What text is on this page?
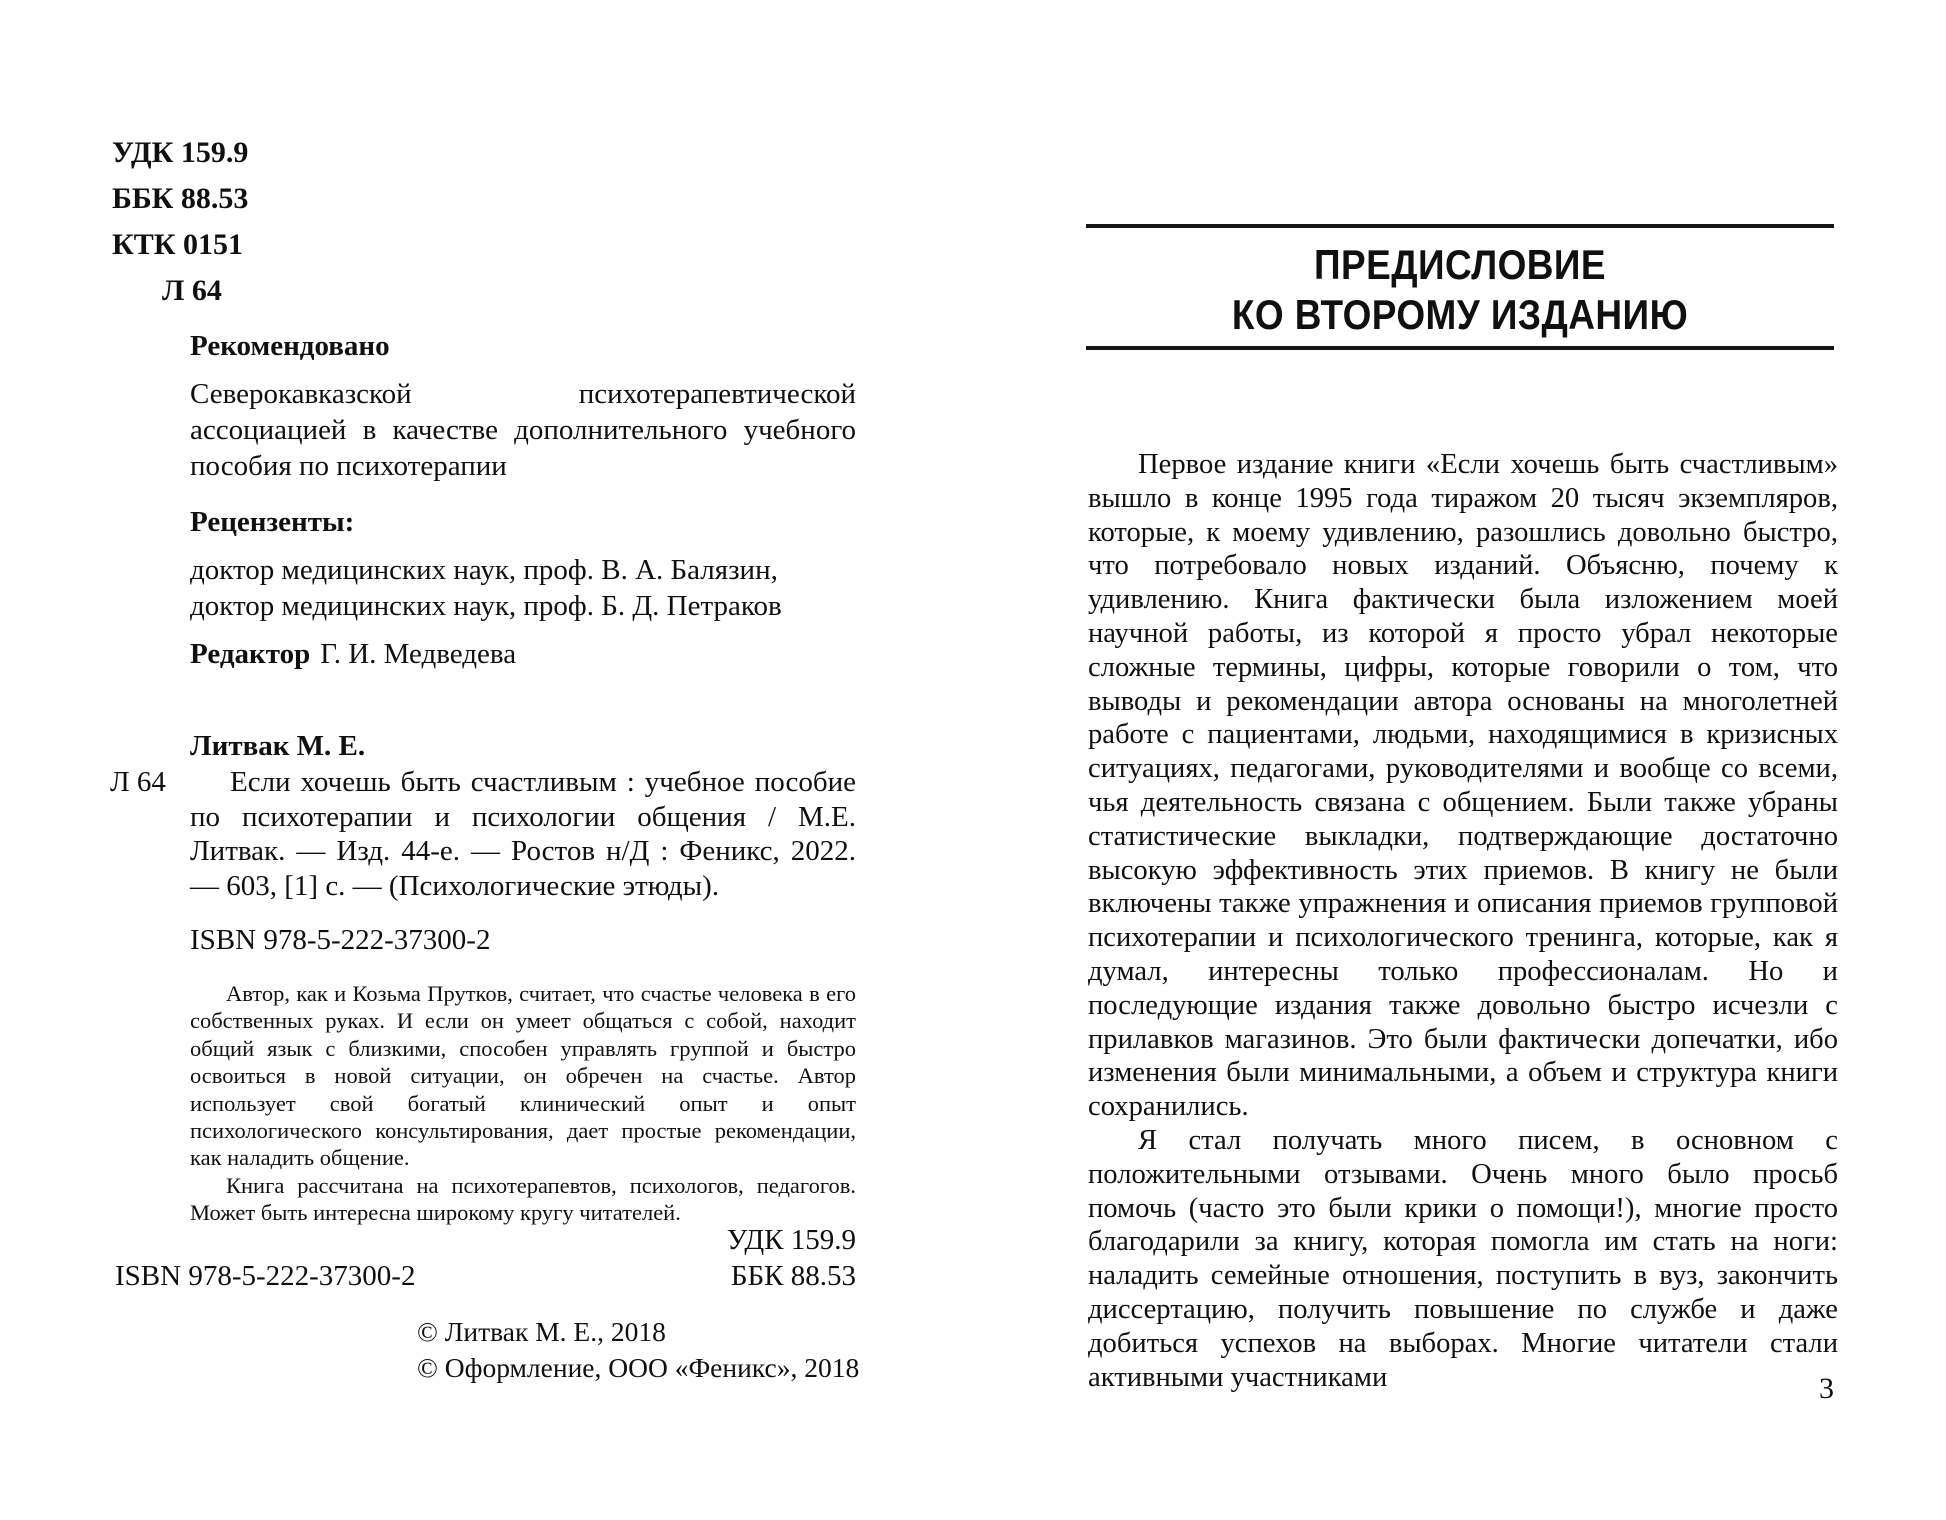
УДК 159.9
ББК 88.53
КТК 0151
Л 64
Рекомендовано
Северокавказской психотерапевтической ассоциацией в качестве дополнительного учебного пособия по психотерапии
Рецензенты:
доктор медицинских наук, проф. В. А. Балязин,
доктор медицинских наук, проф. Б. Д. Петраков
Редактор Г. И. Медведева
Литвак М. Е.
Л 64	Если хочешь быть счастливым : учебное пособие по психотерапии и психологии общения / М.Е. Литвак. — Изд. 44-е. — Ростов н/Д : Феникс, 2022. — 603, [1] с. — (Психологические этюды).
ISBN 978-5-222-37300-2

Автор, как и Козьма Прутков, считает, что счастье человека в его собственных руках. И если он умеет общаться с собой, находит общий язык с близкими, способен управлять группой и быстро освоиться в новой ситуации, он обречен на счастье. Автор использует свой богатый клинический опыт и опыт психологического консультирования, дает простые рекомендации, как наладить общение.

Книга рассчитана на психотерапевтов, психологов, педагогов. Может быть интересна широкому кругу читателей.

УДК 159.9
ISBN 978-5-222-37300-2	ББК 88.53
© Литвак М. Е., 2018
© Оформление, ООО «Феникс», 2018
ПРЕДИСЛОВИЕ
КО ВТОРОМУ ИЗДАНИЮ

Первое издание книги «Если хочешь быть счастливым» вышло в конце 1995 года тиражом 20 тысяч экземпляров, которые, к моему удивлению, разошлись довольно быстро, что потребовало новых изданий. Объясню, почему к удивлению. Книга фактически была изложением моей научной работы, из которой я просто убрал некоторые сложные термины, цифры, которые говорили о том, что выводы и рекомендации автора основаны на многолетней работе с пациентами, людьми, находящимися в кризисных ситуациях, педагогами, руководителями и вообще со всеми, чья деятельность связана с общением. Были также убраны статистические выкладки, подтверждающие достаточно высокую эффективность этих приемов. В книгу не были включены также упражнения и описания приемов групповой психотерапии и психологического тренинга, которые, как я думал, интересны только профессионалам. Но и последующие издания также довольно быстро исчезли с прилавков магазинов. Это были фактически допечатки, ибо изменения были минимальными, а объем и структура книги сохранились.

Я стал получать много писем, в основном с положительными отзывами. Очень много было просьб помочь (часто это были крики о помощи!), многие просто благодарили за книгу, которая помогла им стать на ноги: наладить семейные отношения, поступить в вуз, закончить диссертацию, получить повышение по службе и даже добиться успехов на выборах. Многие читатели стали активными участниками	3
